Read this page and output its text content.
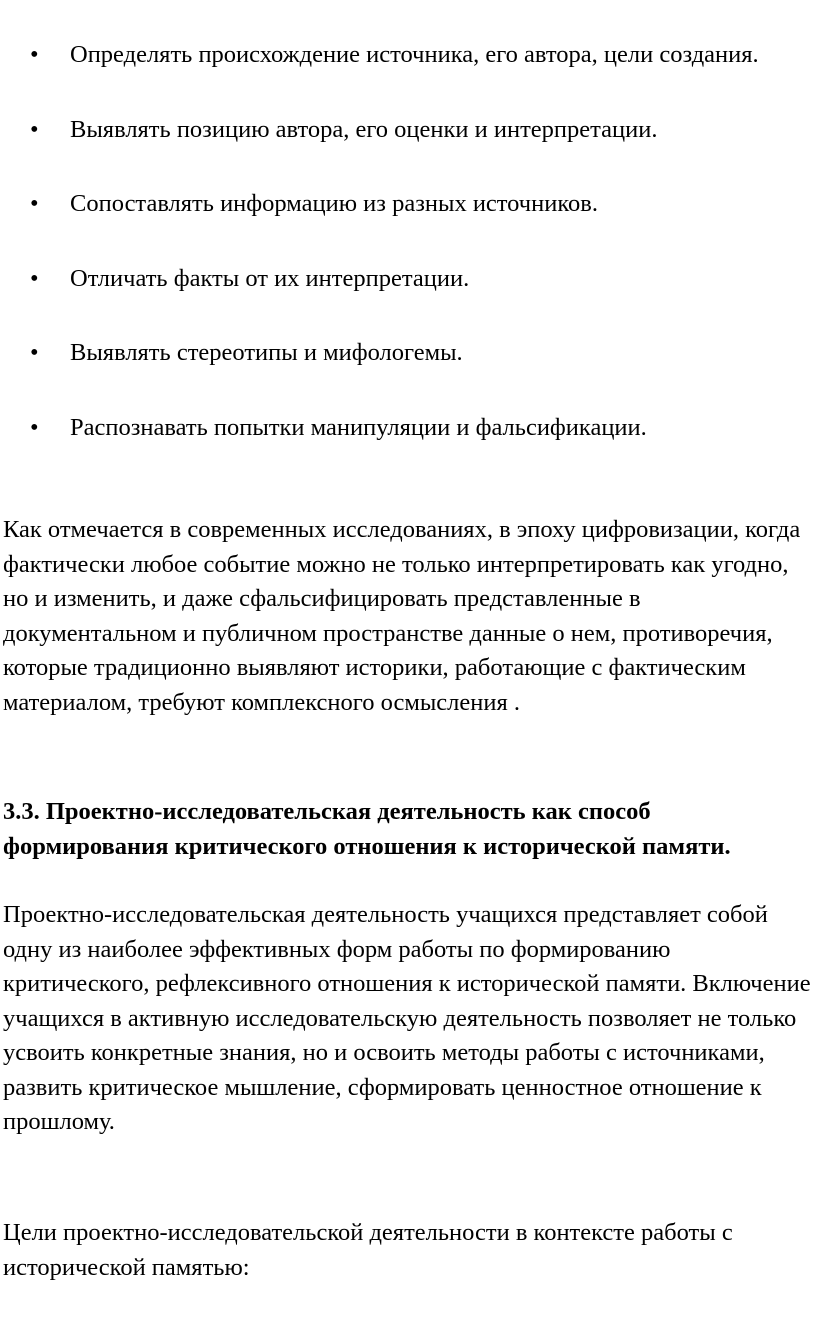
• Определять происхождение источника, его автора, цели создания.
• Выявлять позицию автора, его оценки и интерпретации.
• Сопоставлять информацию из разных источников.
• Отличать факты от их интерпретации.
• Выявлять стереотипы и мифологемы.
• Распознавать попытки манипуляции и фальсификации.

Как отмечается в современных исследованиях, в эпоху цифровизации, когда фактически любое событие можно не только интерпретировать как угодно, но и изменить, и даже сфальсифицировать представленные в документальном и публичном пространстве данные о нем, противоречия, которые традиционно выявляют историки, работающие с фактическим материалом, требуют комплексного осмысления .

3.3. Проектно-исследовательская деятельность как способ формирования критического отношения к исторической памяти.

Проектно-исследовательская деятельность учащихся представляет собой одну из наиболее эффективных форм работы по формированию критического, рефлексивного отношения к исторической памяти. Включение учащихся в активную исследовательскую деятельность позволяет не только усвоить конкретные знания, но и освоить методы работы с источниками, развить критическое мышление, сформировать ценностное отношение к прошлому.

Цели проектно-исследовательской деятельности в контексте работы с исторической памятью:
